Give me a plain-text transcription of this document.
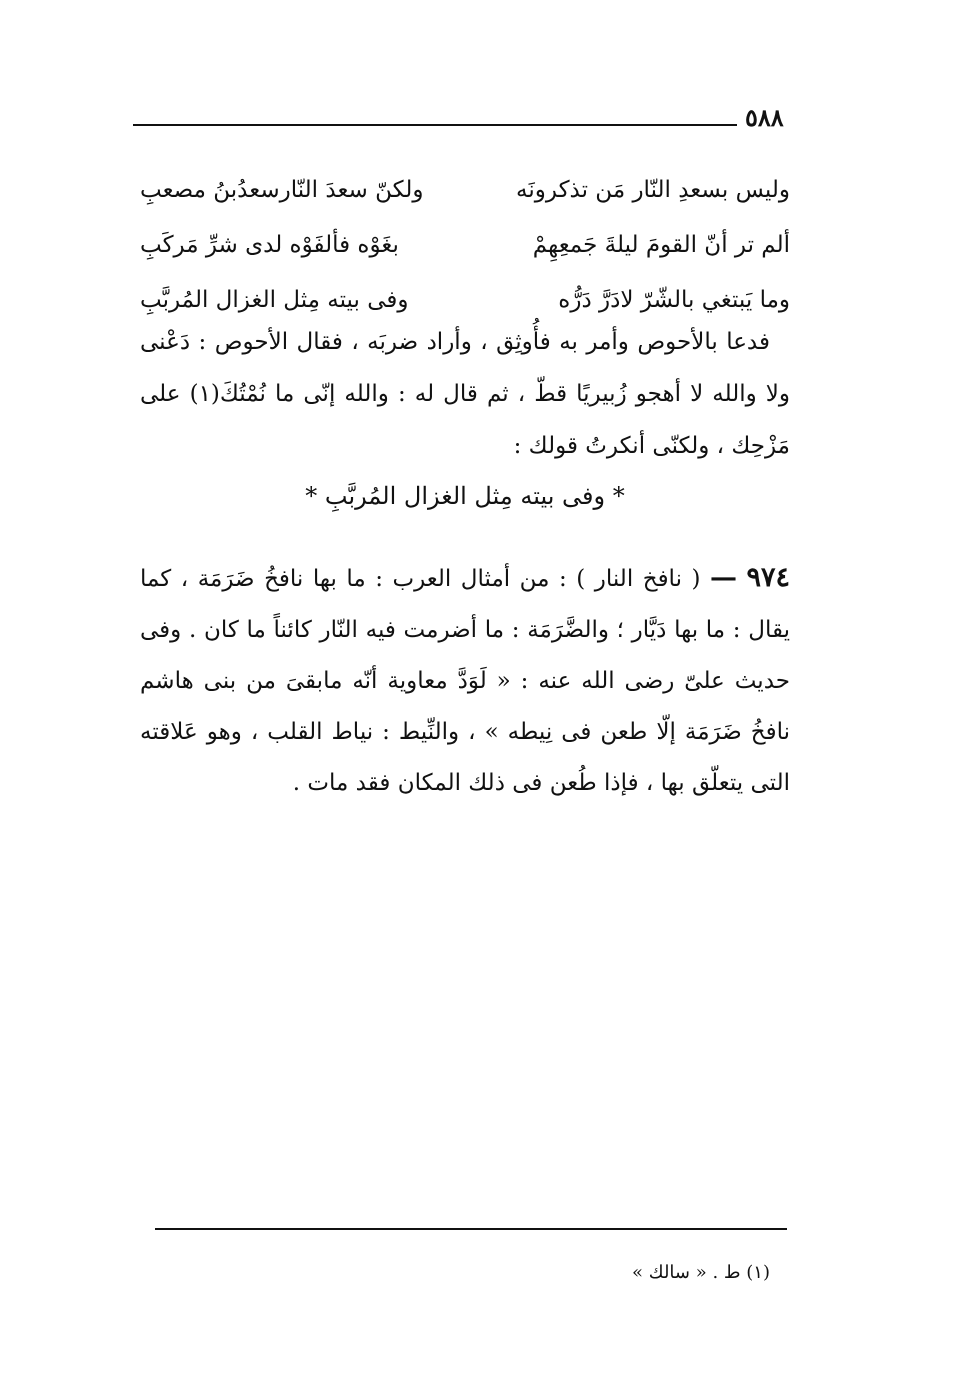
٥٨٨
وليس بسعدِ النّار مَن تذكرونَه
ولكنّ سعدَ النّارسعدُبنُ مصعبِ
ألم تر أنّ القومَ ليلةَ جَمعِهِمْ
بغَوْه فألفَوْه لدى شرِّ مَركَبِ
وما يَبتغي بالشّرّ لادَرَّ دَرُّه
وفى بيته مِثل الغزال المُربَّبِ
فدعا بالأحوص وأمر به فأُوثِق ، وأراد ضربَه ، فقال الأحوص : دَعْنى ولا والله لا أهجو زُبيريًا قطّ ، ثم قال له : والله إنّى ما نُمْتُكَ(١) على مَزْحِك ، ولكنّى أنكرتُ قولك :
* وفى بيته مِثل الغزال المُربَّبِ *
٩٧٤ — ( نافخ النار ) : من أمثال العرب : ما بها نافخُ ضَرَمَة ، كما يقال : ما بها دَيَّار ؛ والضَّرَمَة : ما أضرمت فيه النّار كائناً ما كان . وفى حديث علىّ رضى الله عنه : « لَوَدَّ معاوية أنّه مابقىَ من بنى هاشم نافخُ ضَرَمَة إلّا طعن فى نِيطه » ، والنِّيط : نياط القلب ، وهو عَلاقته التى يتعلّق بها ، فإذا طُعن فى ذلك المكان فقد مات .
(١) ط . « سالك »
